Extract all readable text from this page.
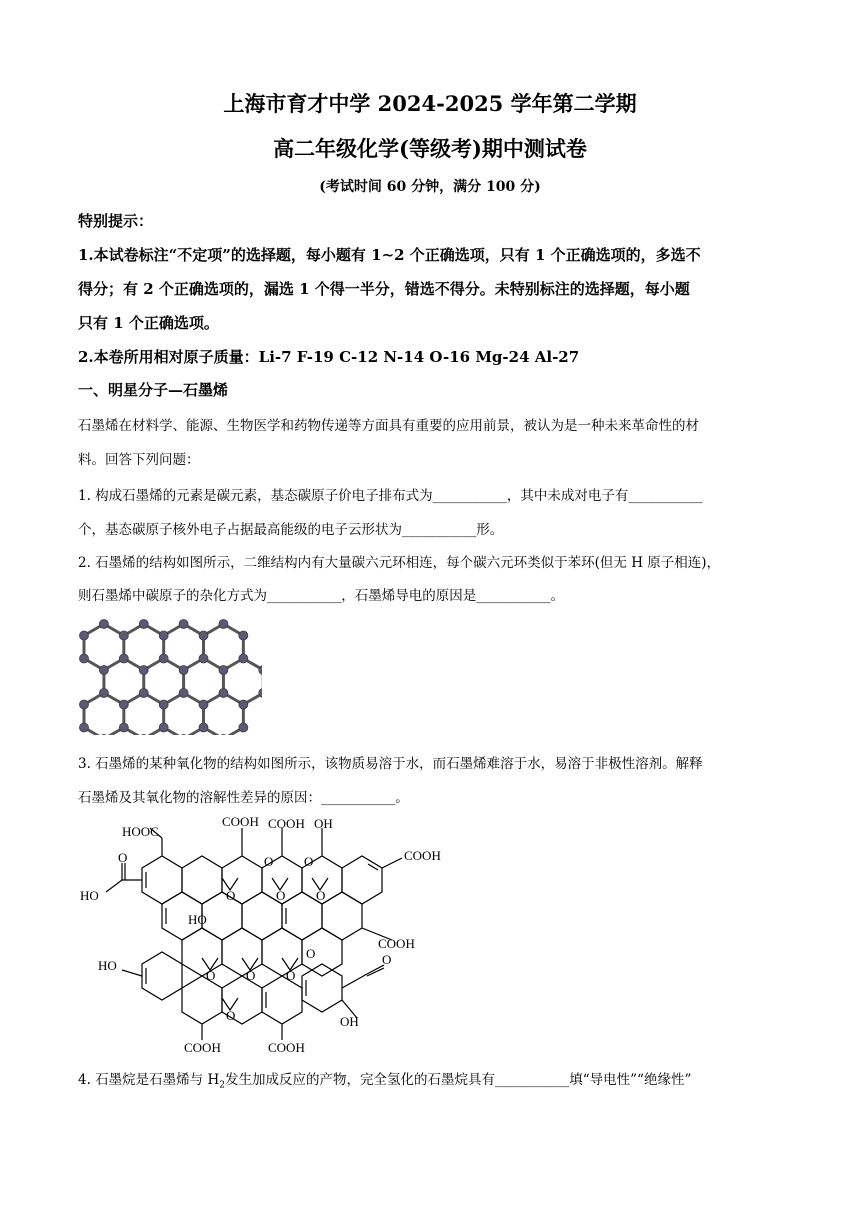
上海市育才中学 2024-2025 学年第二学期
高二年级化学(等级考)期中测试卷
(考试时间 60 分钟，满分 100 分)
特别提示：
1.本试卷标注“不定项”的选择题，每小题有 1~2 个正确选项，只有 1 个正确选项的，多选不
得分；有 2 个正确选项的，漏选 1 个得一半分，错选不得分。未特别标注的选择题，每小题
只有 1 个正确选项。
2.本卷所用相对原子质量：Li-7 F-19 C-12 N-14 O-16 Mg-24 Al-27
一、明星分子—石墨烯
石墨烯在材料学、能源、生物医学和药物传递等方面具有重要的应用前景，被认为是一种未来革命性的材
料。回答下列问题：
1. 构成石墨烯的元素是碳元素，基态碳原子价电子排布式为___________，其中未成对电子有___________
个，基态碳原子核外电子占据最高能级的电子云形状为___________形。
2. 石墨烯的结构如图所示，二维结构内有大量碳六元环相连，每个碳六元环类似于苯环(但无 H 原子相连)，
则石墨烯中碳原子的杂化方式为___________，石墨烯导电的原因是___________。
3. 石墨烯的某种氧化物的结构如图所示，该物质易溶于水，而石墨烯难溶于水，易溶于非极性溶剂。解释
石墨烯及其氧化物的溶解性差异的原因：___________。
HOOC
COOH COOH OH
COOH
O
HO	O	O O
O
O
HO
COOH
HO
O O O
O
O
O
OH
COOH	COOH
4. 石墨烷是石墨烯与 $H_2$发生加成反应的产物，完全氢化的石墨烷具有___________填“导电性”“绝缘性”
